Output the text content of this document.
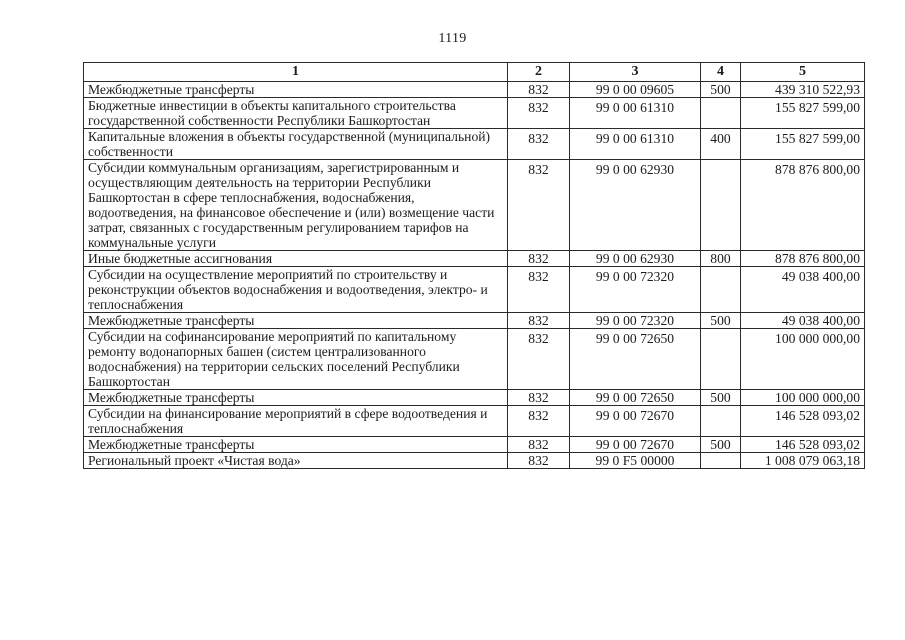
1119
1	2	3	4	5
Межбюджетные трансферты	832	99 0 00 09605	500	439 310 522,93
Бюджетные инвестиции в объекты капитального строительства государственной собственности Республики Башкортостан	832	99 0 00 61310		155 827 599,00
Капитальные вложения в объекты государственной (муниципальной) собственности	832	99 0 00 61310	400	155 827 599,00
Субсидии коммунальным организациям, зарегистрированным и осуществляющим деятельность на территории Республики Башкортостан в сфере теплоснабжения, водоснабжения, водоотведения, на финансовое обеспечение и (или) возмещение части затрат, связанных с государственным регулированием тарифов на коммунальные услуги	832	99 0 00 62930		878 876 800,00
Иные бюджетные ассигнования	832	99 0 00 62930	800	878 876 800,00
Субсидии на осуществление мероприятий по строительству и реконструкции объектов водоснабжения и водоотведения, электро- и теплоснабжения	832	99 0 00 72320		49 038 400,00
Межбюджетные трансферты	832	99 0 00 72320	500	49 038 400,00
Субсидии на софинансирование мероприятий по капитальному ремонту водонапорных башен (систем централизованного водоснабжения) на территории сельских поселений Республики Башкортостан	832	99 0 00 72650		100 000 000,00
Межбюджетные трансферты	832	99 0 00 72650	500	100 000 000,00
Субсидии на финансирование мероприятий в сфере водоотведения и теплоснабжения	832	99 0 00 72670		146 528 093,02
Межбюджетные трансферты	832	99 0 00 72670	500	146 528 093,02
Региональный проект «Чистая вода»	832	99 0 F5 00000		1 008 079 063,18
